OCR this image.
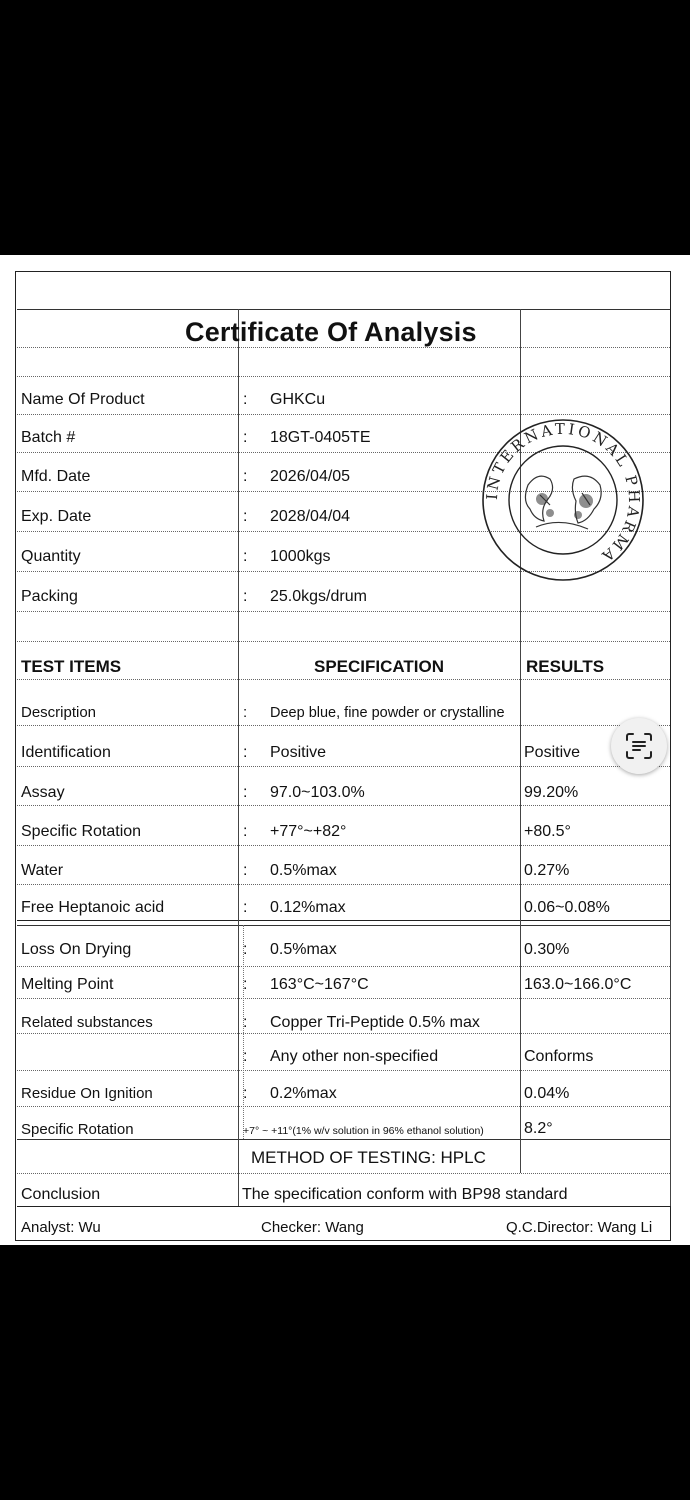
Certificate Of Analysis
Name Of Product	: GHKCu
Batch #	: 18GT-0405TE
Mfd. Date	: 2026/04/05
Exp. Date	: 2028/04/04
Quantity	: 1000kgs
Packing	: 25.0kgs/drum
TEST ITEMS	SPECIFICATION	RESULTS
Description	: Deep blue, fine powder or crystalline
Identification	: Positive	Positive
Assay	: 97.0~103.0%	99.20%
Specific Rotation	: +77°~+82°	+80.5°
Water	: 0.5%max	0.27%
Free Heptanoic acid	: 0.12%max	0.06~0.08%
Loss On Drying	: 0.5%max	0.30%
Melting Point	: 163°C~167°C	163.0~166.0°C
Related substances	: Copper Tri-Peptide 0.5% max
: Any other non-specified	Conforms
Residue On Ignition	: 0.2%max	0.04%
Specific Rotation	+7° ~ +11°(1% w/v solution in 96% ethanol solution)	8.2°
METHOD OF TESTING: HPLC
Conclusion	The specification conform with BP98 standard
Analyst: Wu	Checker: Wang	Q.C.Director: Wang Li
INTERNATIONAL PHARMA
